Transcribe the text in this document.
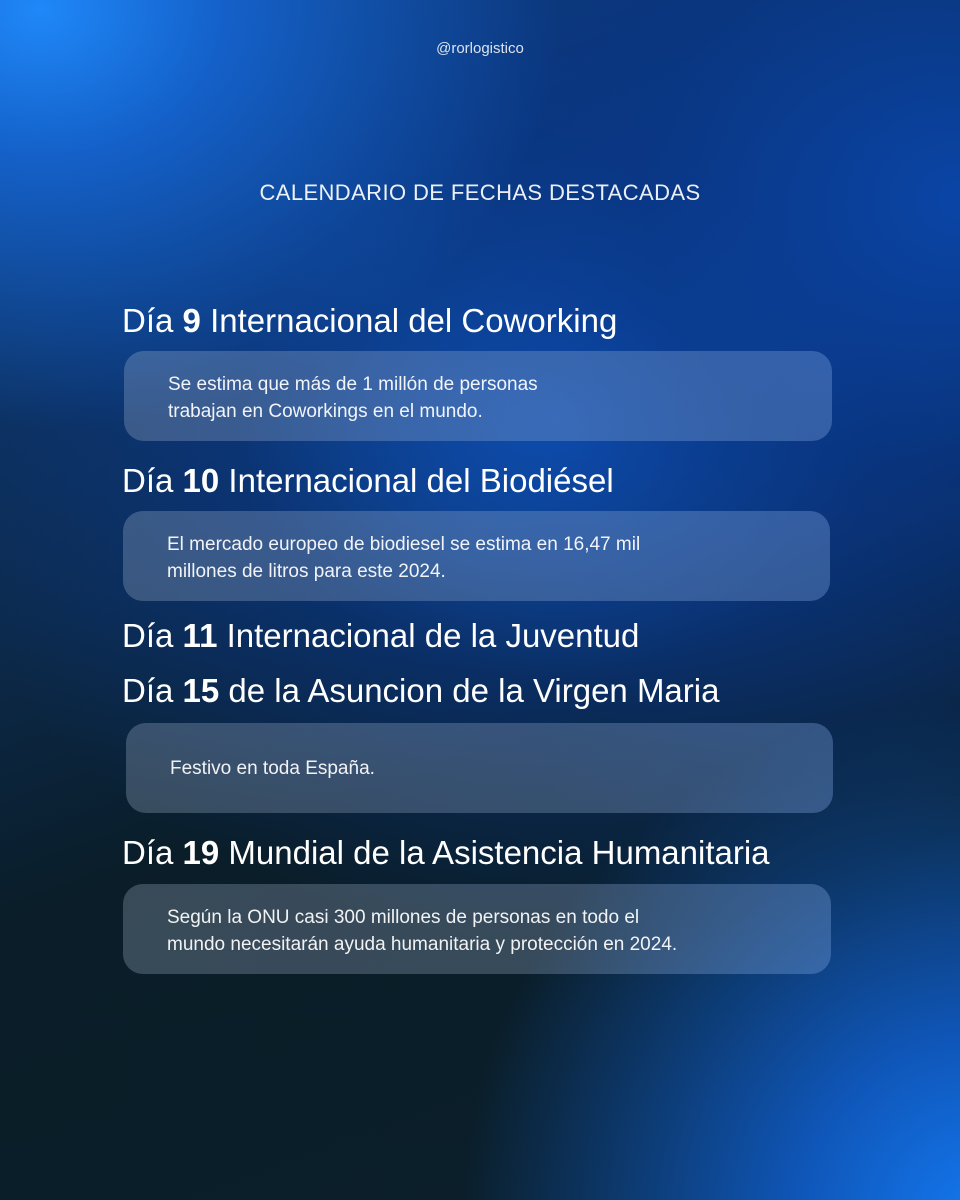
@rorlogistico
CALENDARIO DE FECHAS DESTACADAS
Día 9 Internacional del Coworking

Se estima que más de 1 millón de personas
trabajan en Coworkings en el mundo.

Día 10 Internacional del Biodiésel

El mercado europeo de biodiesel se estima en 16,47 mil
millones de litros para este 2024.

Día 11 Internacional de la Juventud
Día 15 de la Asuncion de la Virgen Maria

Festivo en toda España.

Día 19 Mundial de la Asistencia Humanitaria

Según la ONU casi 300 millones de personas en todo el
mundo necesitarán ayuda humanitaria y protección en 2024.
